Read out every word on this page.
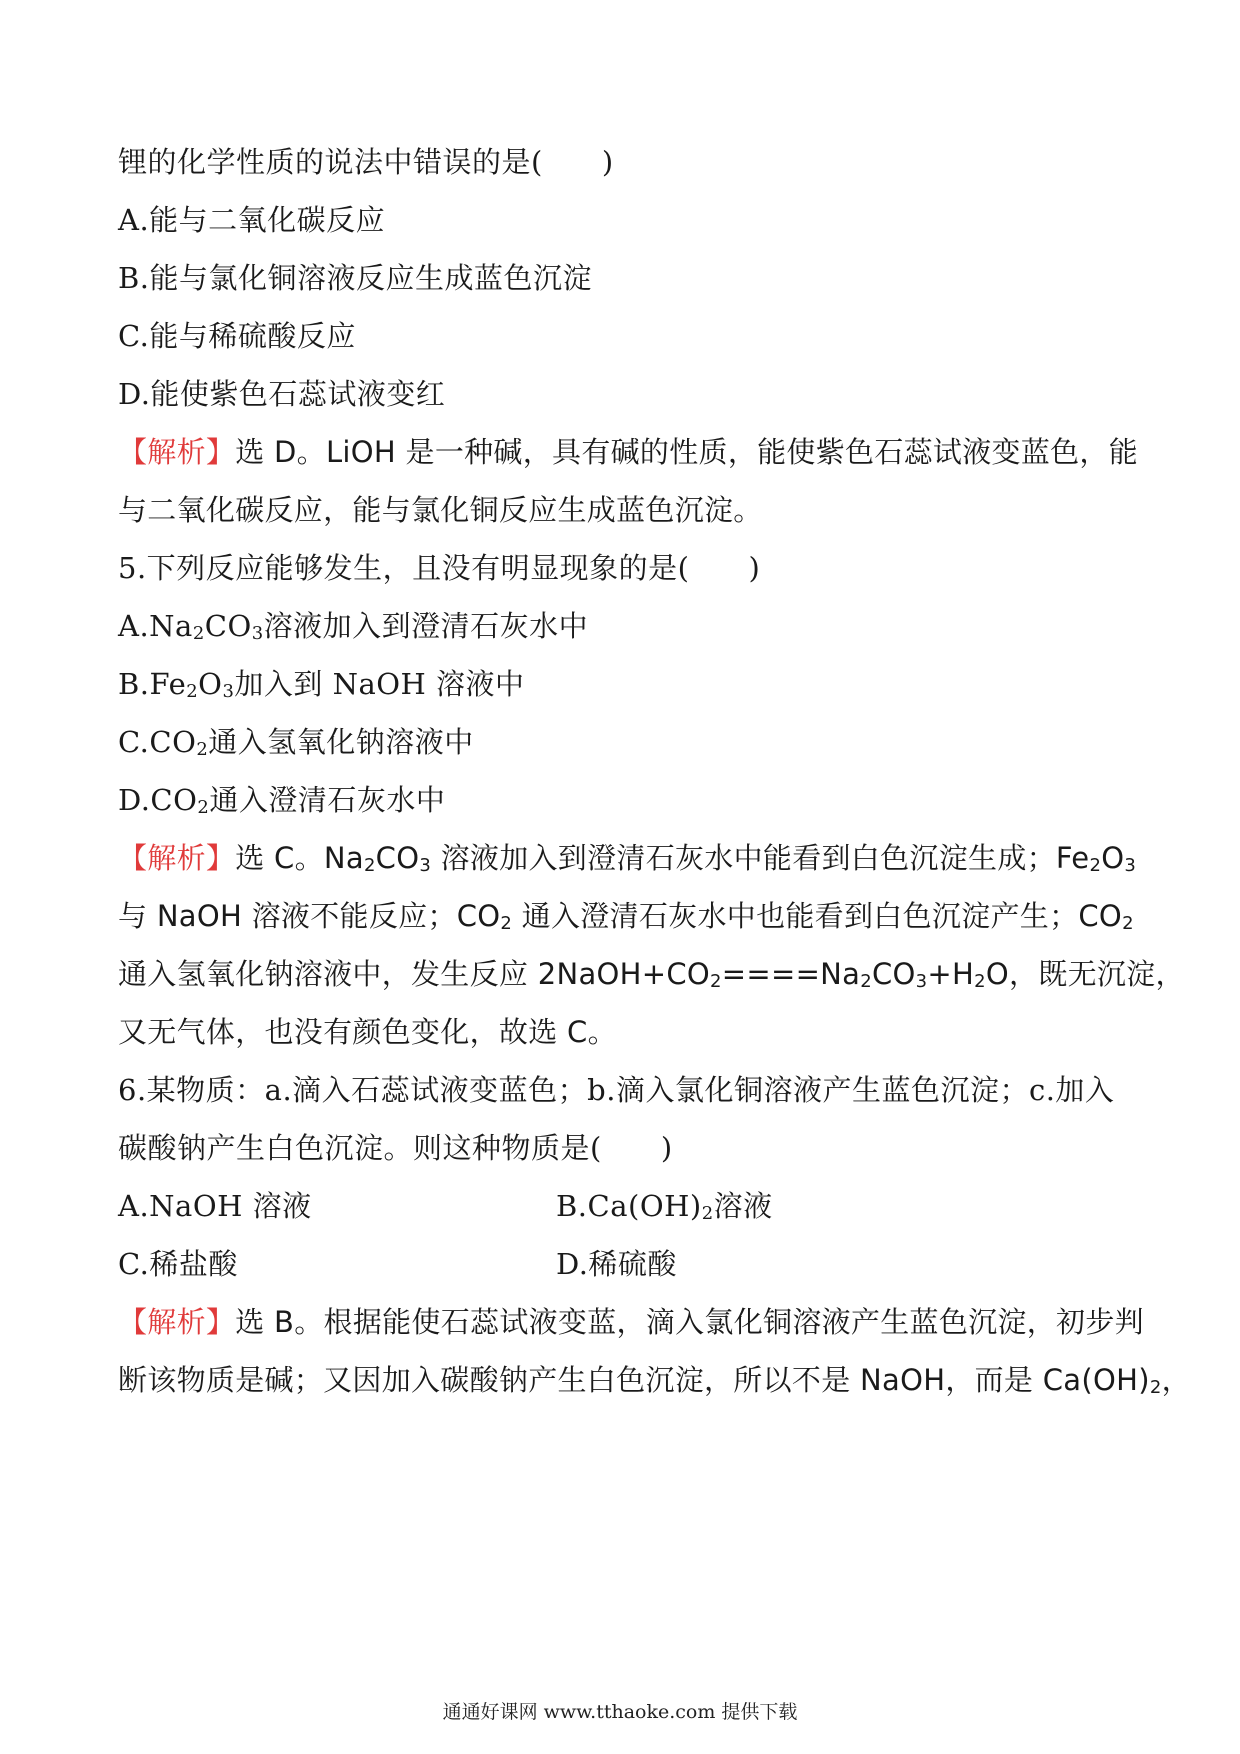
锂的化学性质的说法中错误的是(　　)
A.能与二氧化碳反应
B.能与氯化铜溶液反应生成蓝色沉淀
C.能与稀硫酸反应
D.能使紫色石蕊试液变红
【解析】选 D。LiOH 是一种碱，具有碱的性质，能使紫色石蕊试液变蓝色，能
与二氧化碳反应，能与氯化铜反应生成蓝色沉淀。
5.下列反应能够发生，且没有明显现象的是(　　)
$A.Na_2CO_3$溶液加入到澄清石灰水中
$B.Fe_2O_3$加入到 NaOH 溶液中
$C.CO_2$通入氢氧化钠溶液中
$D.CO_2$通入澄清石灰水中
【解析】选 C。$Na_2CO_3$ 溶液加入到澄清石灰水中能看到白色沉淀生成；$Fe_2O_3$
与 NaOH 溶液不能反应；$CO_2$ 通入澄清石灰水中也能看到白色沉淀产生；$CO_2$
通入氢氧化钠溶液中，发生反应 $2NaOH+CO_2====Na_2CO_3+H_2O$，既无沉淀，
又无气体，也没有颜色变化，故选 C。
6.某物质：a.滴入石蕊试液变蓝色；b.滴入氯化铜溶液产生蓝色沉淀；c.加入
碳酸钠产生白色沉淀。则这种物质是(　　)
A.NaOH 溶液	$B.Ca(OH)_2$溶液
C.稀盐酸	D.稀硫酸
【解析】选 B。根据能使石蕊试液变蓝，滴入氯化铜溶液产生蓝色沉淀，初步判
断该物质是碱；又因加入碳酸钠产生白色沉淀，所以不是 NaOH，而是 $Ca(OH)_2$，
通通好课网 www.tthaoke.com 提供下载
